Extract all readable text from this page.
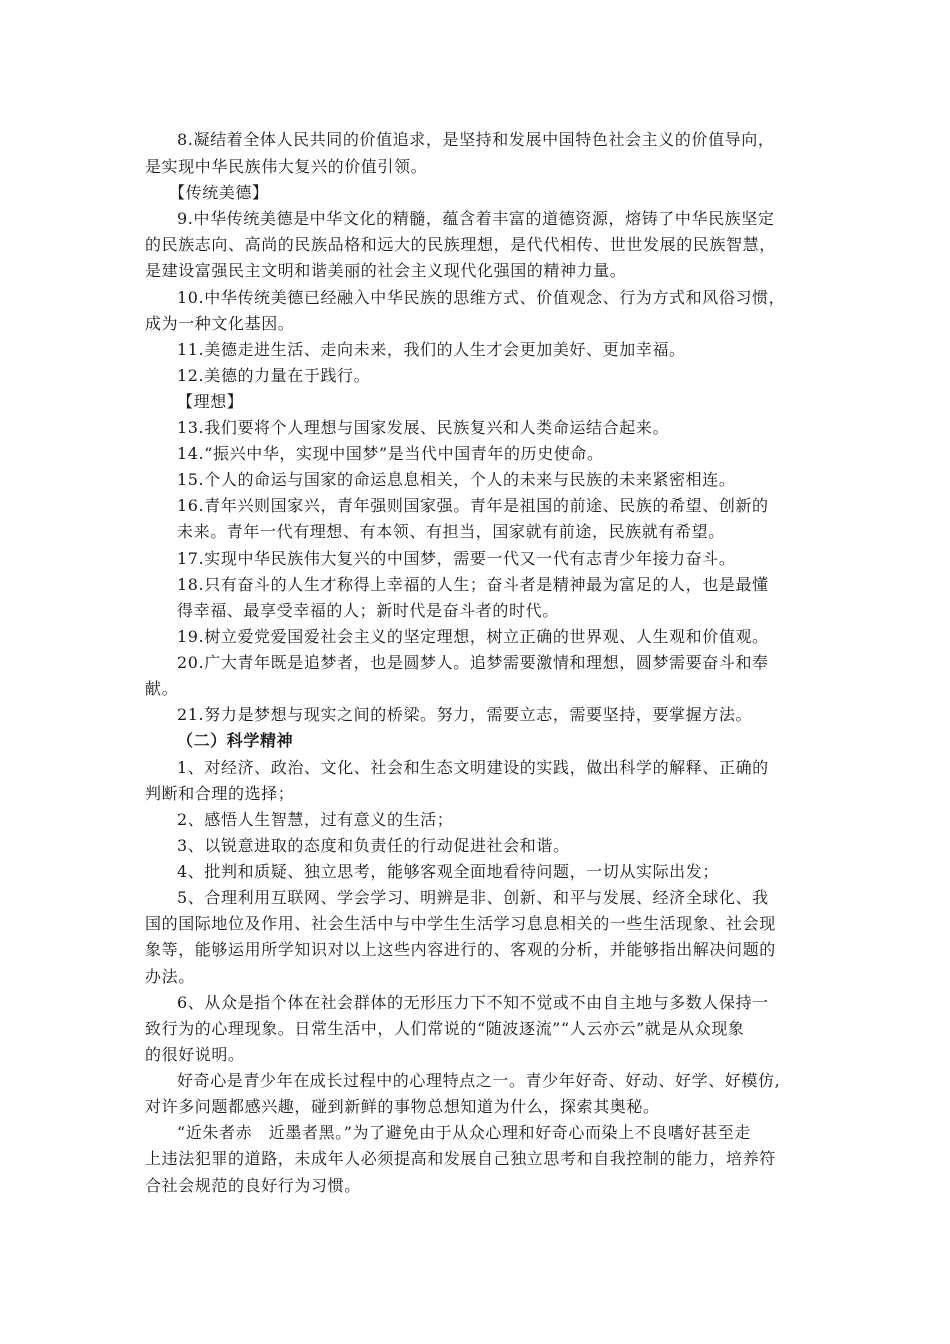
8.凝结着全体人民共同的价值追求，是坚持和发展中国特色社会主义的价值导向，
是实现中华民族伟大复兴的价值引领。
【传统美德】
9.中华传统美德是中华文化的精髓，蕴含着丰富的道德资源，熔铸了中华民族坚定
的民族志向、高尚的民族品格和远大的民族理想，是代代相传、世世发展的民族智慧，
是建设富强民主文明和谐美丽的社会主义现代化强国的精神力量。
10.中华传统美德已经融入中华民族的思维方式、价值观念、行为方式和风俗习惯，
成为一种文化基因。
11.美德走进生活、走向未来，我们的人生才会更加美好、更加幸福。
12.美德的力量在于践行。
【理想】
13.我们要将个人理想与国家发展、民族复兴和人类命运结合起来。
14.“振兴中华，实现中国梦”是当代中国青年的历史使命。
15.个人的命运与国家的命运息息相关，个人的未来与民族的未来紧密相连。
16.青年兴则国家兴，青年强则国家强。青年是祖国的前途、民族的希望、创新的
未来。青年一代有理想、有本领、有担当，国家就有前途，民族就有希望。
17.实现中华民族伟大复兴的中国梦，需要一代又一代有志青少年接力奋斗。
18.只有奋斗的人生才称得上幸福的人生；奋斗者是精神最为富足的人，也是最懂
得幸福、最享受幸福的人；新时代是奋斗者的时代。
19.树立爱党爱国爱社会主义的坚定理想，树立正确的世界观、人生观和价值观。
20.广大青年既是追梦者，也是圆梦人。追梦需要激情和理想，圆梦需要奋斗和奉
献。
21.努力是梦想与现实之间的桥梁。努力，需要立志，需要坚持，要掌握方法。
（二）科学精神
1、对经济、政治、文化、社会和生态文明建设的实践，做出科学的解释、正确的
判断和合理的选择；
2、感悟人生智慧，过有意义的生活；
3、以锐意进取的态度和负责任的行动促进社会和谐。
4、批判和质疑、独立思考，能够客观全面地看待问题，一切从实际出发；
5、合理利用互联网、学会学习、明辨是非、创新、和平与发展、经济全球化、我
国的国际地位及作用、社会生活中与中学生生活学习息息相关的一些生活现象、社会现
象等，能够运用所学知识对以上这些内容进行的、客观的分析，并能够指出解决问题的
办法。
6、从众是指个体在社会群体的无形压力下不知不觉或不由自主地与多数人保持一
致行为的心理现象。日常生活中，人们常说的“随波逐流”“人云亦云”就是从众现象
的很好说明。
好奇心是青少年在成长过程中的心理特点之一。青少年好奇、好动、好学、好模仿,
对许多问题都感兴趣，碰到新鲜的事物总想知道为什么，探索其奥秘。
“近朱者赤　近墨者黑。”为了避免由于从众心理和好奇心而染上不良嗜好甚至走
上违法犯罪的道路，未成年人必须提高和发展自己独立思考和自我控制的能力，培养符
合社会规范的良好行为习惯。
